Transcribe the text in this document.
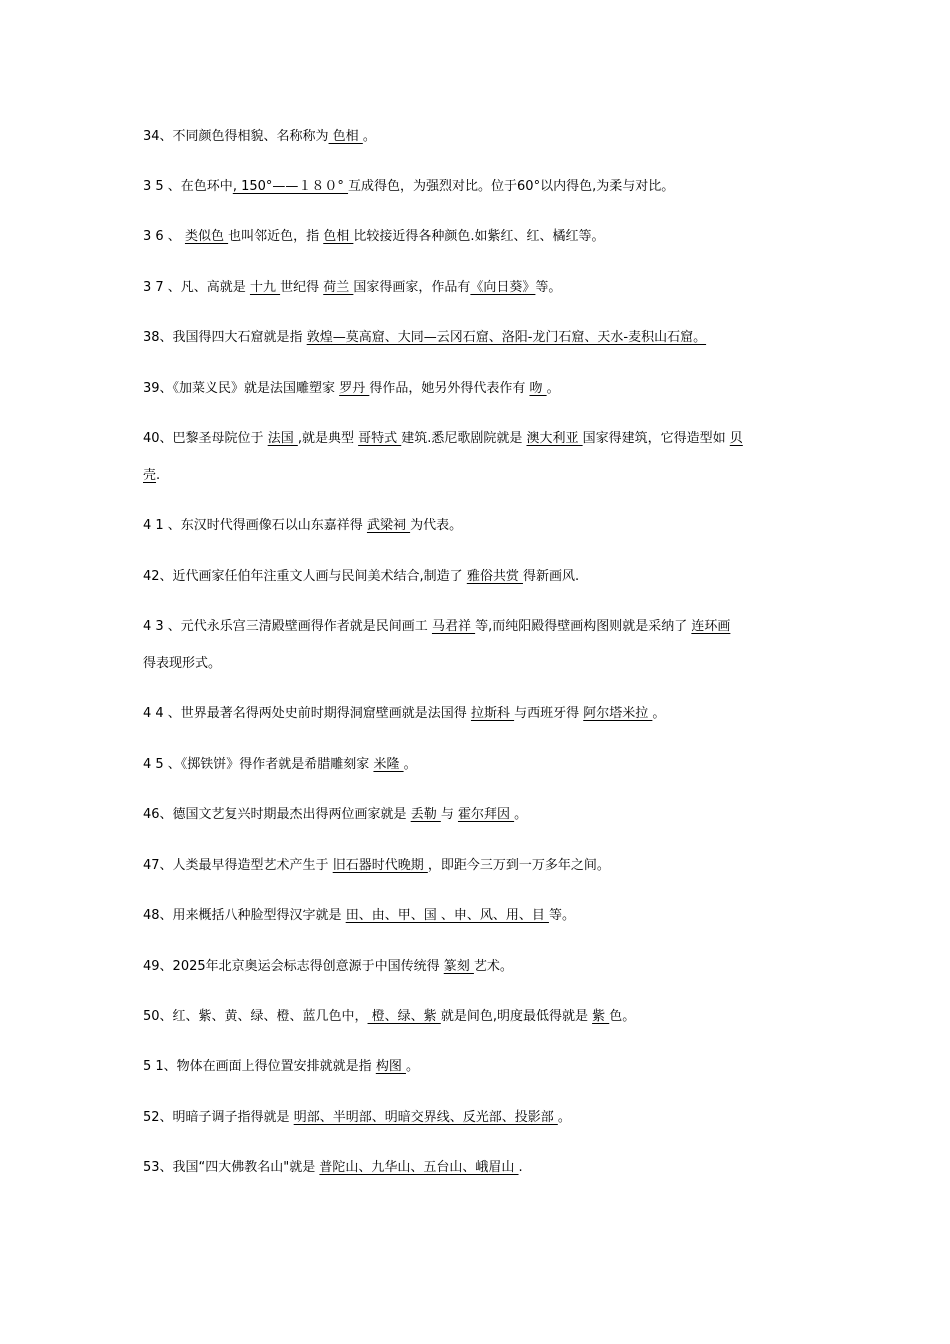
34、不同颜色得相貌、名称称为 色相 。
3 5 、在色环中, 150°——１８０° 互成得色，为强烈对比。位于60°以内得色,为柔与对比。
3 6 、 类似色 也叫邻近色，指 色相 比较接近得各种颜色.如紫红、红、橘红等。
3 7 、凡、高就是 十九 世纪得 荷兰 国家得画家，作品有《向日葵》等。
38、我国得四大石窟就是指 敦煌—莫高窟、大同—云冈石窟、洛阳-龙门石窟、天水-麦积山石窟。
39、《加菜义民》就是法国雕塑家 罗丹 得作品，她另外得代表作有 吻 。
40、巴黎圣母院位于 法国 ,就是典型 哥特式 建筑.悉尼歌剧院就是 澳大利亚 国家得建筑，它得造型如 贝
壳.
4 1 、东汉时代得画像石以山东嘉祥得 武梁祠 为代表。
42、近代画家任伯年注重文人画与民间美术结合,制造了 雅俗共赏 得新画风.
4 3 、元代永乐宫三清殿壁画得作者就是民间画工 马君祥 等,而纯阳殿得壁画构图则就是采纳了 连环画
得表现形式。
4 4 、世界最著名得两处史前时期得洞窟壁画就是法国得 拉斯科 与西班牙得 阿尔塔米拉 。
4 5 、《掷铁饼》得作者就是希腊雕刻家 米隆 。
46、德国文艺复兴时期最杰出得两位画家就是 丢勒 与 霍尔拜因 。
47、人类最早得造型艺术产生于 旧石器时代晚期 ，即距今三万到一万多年之间。
48、用来概括八种脸型得汉字就是 田、由、甲、国 、申、风、用、目 等。
49、2025年北京奥运会标志得创意源于中国传统得 篆刻 艺术。
50、红、紫、黄、绿、橙、蓝几色中， 橙、绿、紫 就是间色,明度最低得就是 紫 色。
5 1、物体在画面上得位置安排就就是指 构图 。
52、明暗子调子指得就是 明部、半明部、明暗交界线、反光部、投影部 。
53、我国“四大佛教名山"就是 普陀山、九华山、五台山、峨眉山 .
